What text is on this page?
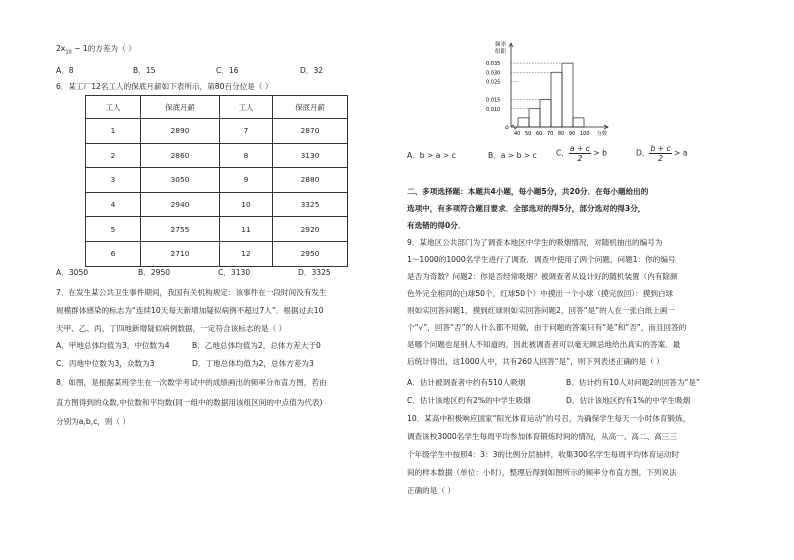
$2x_{10} - 1$的方差为（ ）
A．8	B．15	C．16	D．32
6．某工厂12名工人的保底月薪如下表所示，第80百分位是（ ）
工人	保底月薪	工人	保底月薪
1	2890	7	2870
2	2860	8	3130
3	3050	9	2880
4	2940	10	3325
5	2755	11	2920
6	2710	12	2950
A．3050	B．2950	C．3130	D．3325
7．在发生某公共卫生事件期间，我国有关机构规定：该事件在一段时间没有发生
规模群体感染的标志为“连续10天每天新增加疑似病例不超过7人”．根据过去10
天甲、乙、丙、丁四地新增疑似病例数据，一定符合该标志的是（ ）
A．甲地总体均值为3，中位数为4	B．乙地总体均值为2，总体方差大于0
C．丙地中位数为3，众数为3	D．丁地总体均值为2，总体方差为3
8．如图，是根据某班学生在一次数学考试中的成绩画出的频率分布直方图，若由
直方图得到的众数,中位数和平均数(同一组中的数据用该组区间的中点值为代表)
分别为a,b,c，则（ ）
频率
组距
o
0.010
0.015
0.025
0.030
0.035
40 50 60 70 80 90 100 分数
A．b > a > c	B．a > b > c	C． $\frac{a + c}{2} > b$	D． $\frac{b + c}{2} > a$
二、多项选择题：本题共4小题，每小题5分，共20分．在每小题给出的
选项中，有多项符合题目要求．全部选对的得5分，部分选对的得3分，
有选错的得0分．
9．某地区公共部门为了调查本地区中学生的吸烟情况，对随机抽出的编号为
1～1000的1000名学生进行了调查．调查中使用了两个问题，问题1：你的编号
是否为奇数？问题2：你是否经常吸烟？被调查者从设计好的随机装置（内有除颜
色外完全相同的白球50个，红球50个）中摸出一个小球（摸完放回）：摸到白球
则如实回答问题1，摸到红球则如实回答问题2，回答“是”的人在一张白纸上画一
个“√”，回答“否”的人什么都不用做，由于问题的答案只有“是”和“否”，而且回答的
是哪个问题也是别人不知道的，因此被调查者可以毫无顾忌地给出真实的答案．最
后统计得出，这1000人中，共有260人回答“是”，则下列表述正确的是（ ）
A．估计被调查者中约有510人吸烟	B．估计约有10人对问题2的回答为“是”
C．估计该地区约有2%的中学生吸烟	D．估计该地区约有1%的中学生吸烟
10．某高中积极响应国家“阳光体育运动”的号召，为确保学生每天一小时体育锻炼，
调查该校3000名学生每周平均参加体育锻炼时间的情况，从高一、高二、高三三
个年级学生中按照4：3：3的比例分层抽样，收集300名学生每周平均体育运动时
间的样本数据（单位：小时），整理后得到如图所示的频率分布直方图，下列说法
正确的是（ ）
